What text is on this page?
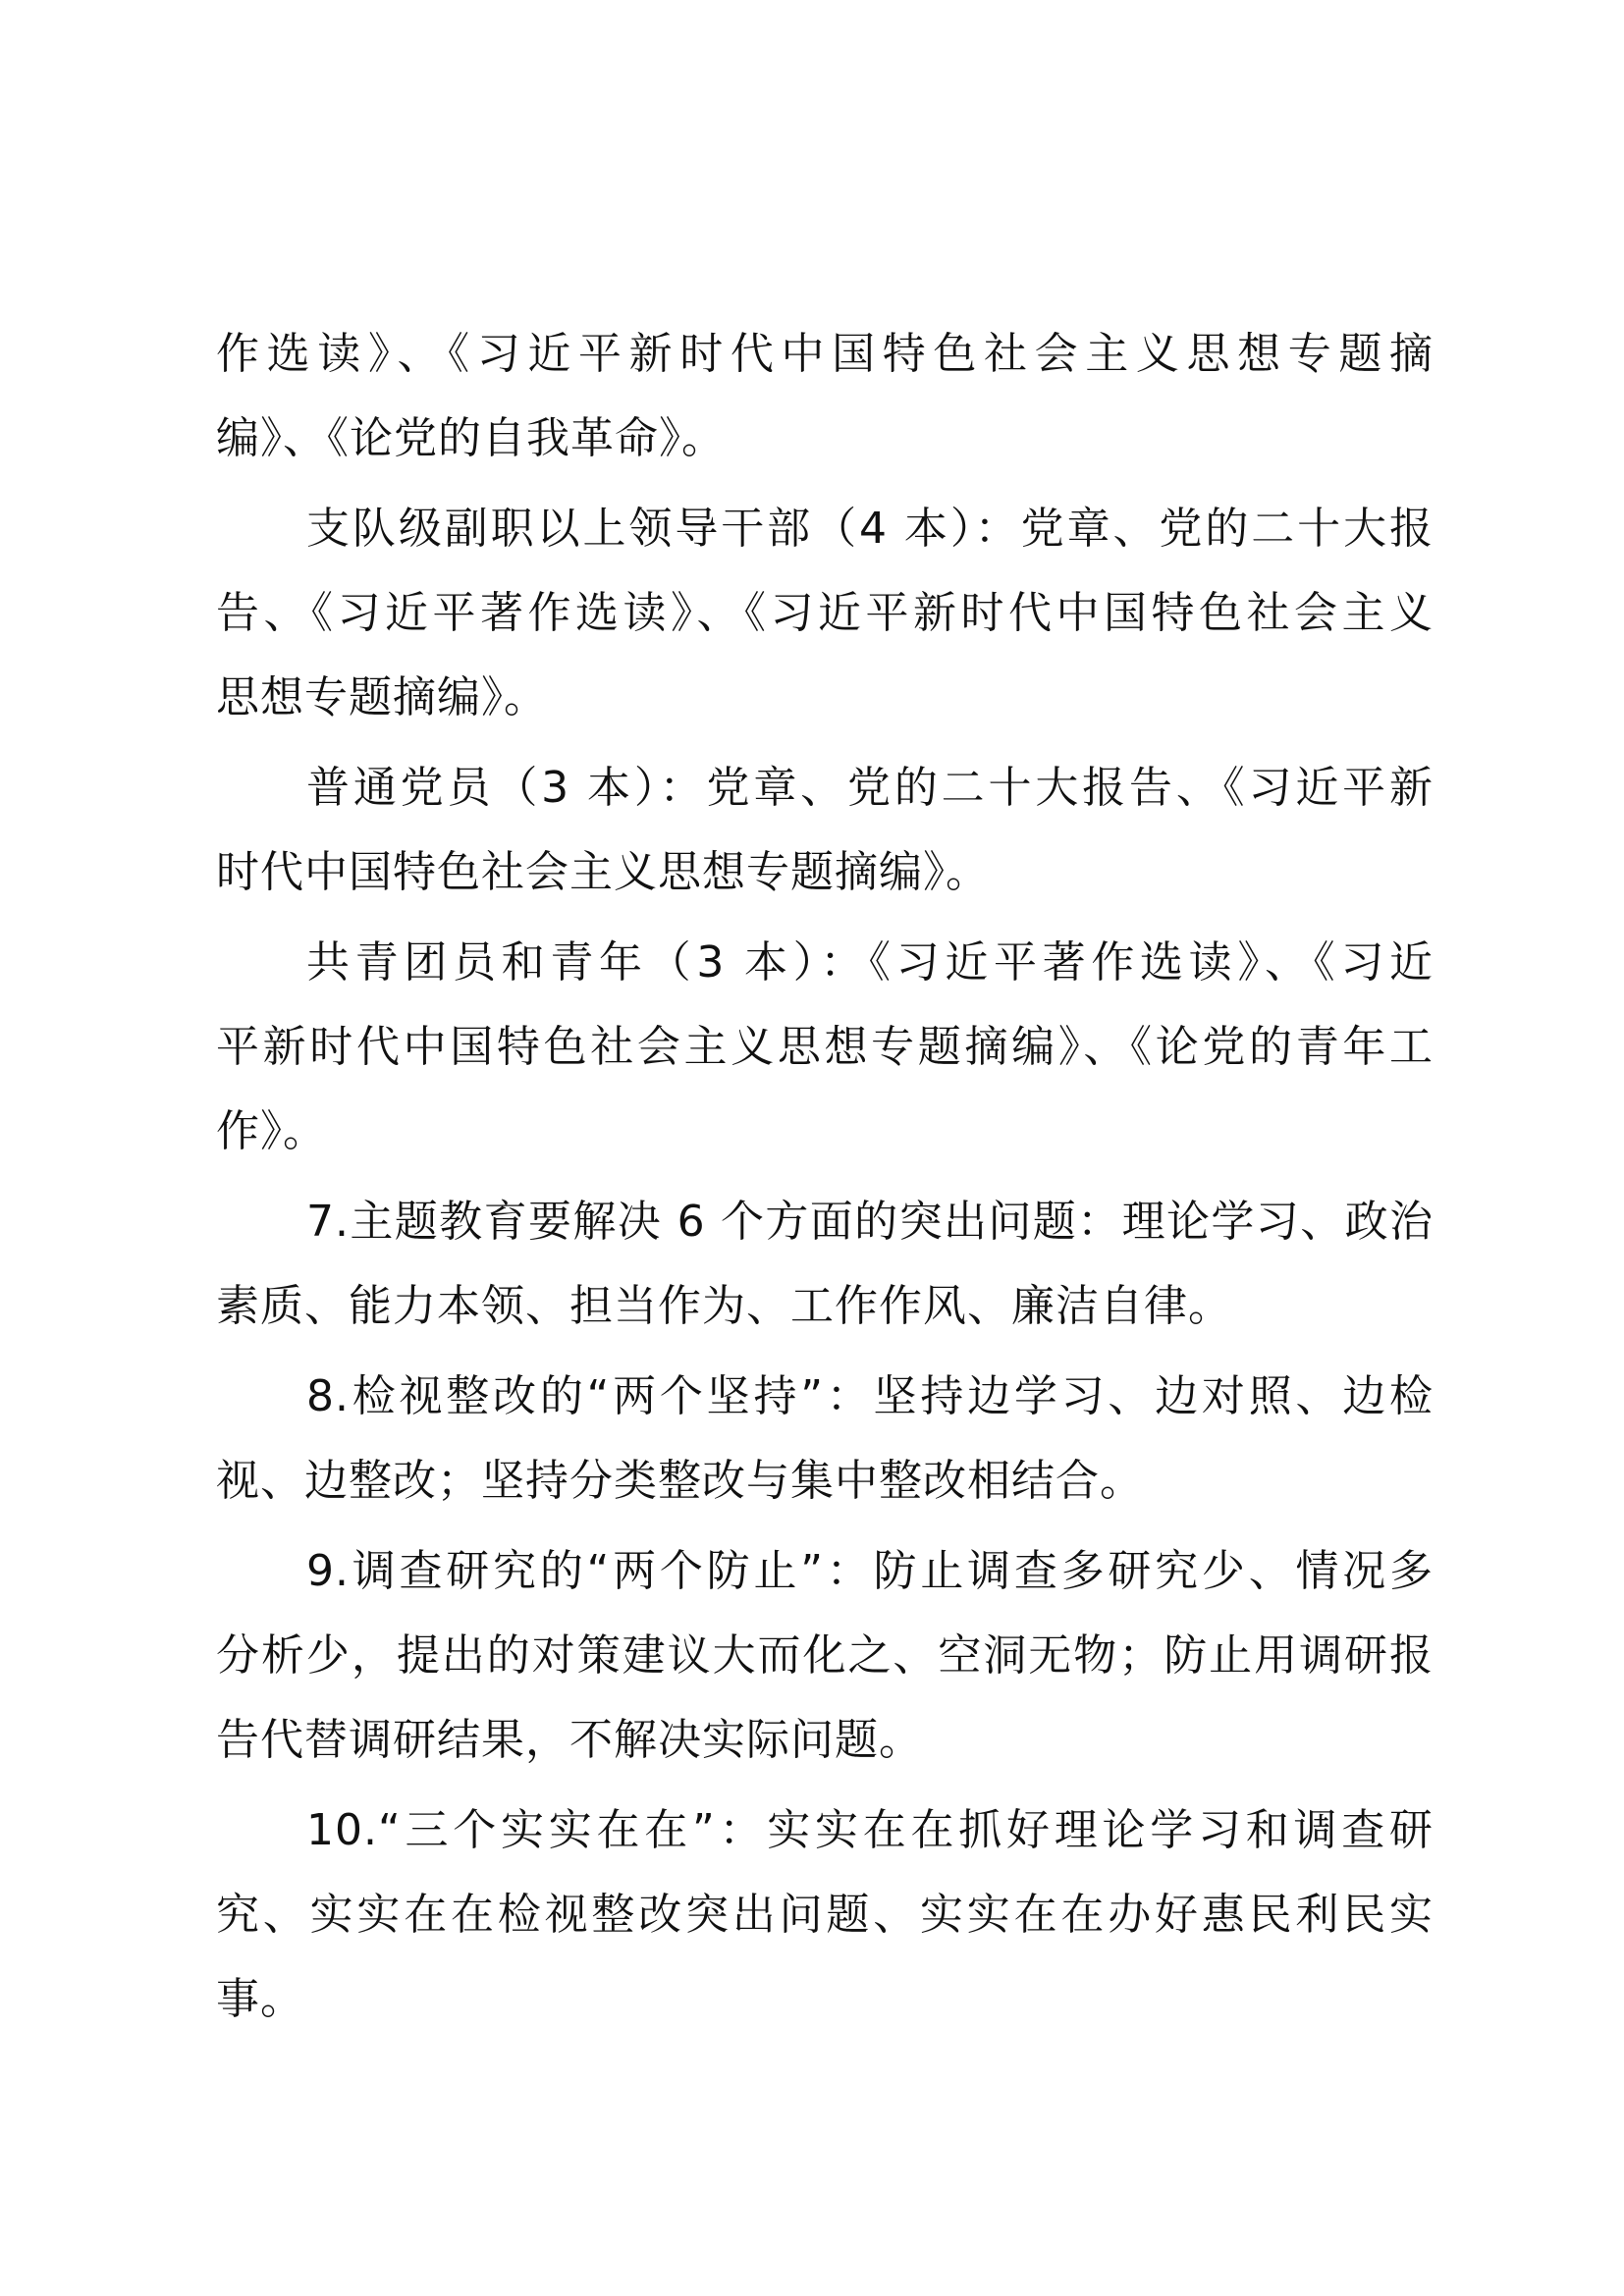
作选读》、《习近平新时代中国特色社会主义思想专题摘
编》、《论党的自我革命》。

支队级副职以上领导干部（4 本）：党章、党的二十大报
告、《习近平著作选读》、《习近平新时代中国特色社会主义
思想专题摘编》。

普通党员（3 本）：党章、党的二十大报告、《习近平新
时代中国特色社会主义思想专题摘编》。

共青团员和青年（3 本）：《习近平著作选读》、《习近
平新时代中国特色社会主义思想专题摘编》、《论党的青年工
作》。

7.主题教育要解决 6 个方面的突出问题：理论学习、政治
素质、能力本领、担当作为、工作作风、廉洁自律。

8.检视整改的“两个坚持”：坚持边学习、边对照、边检
视、边整改；坚持分类整改与集中整改相结合。

9.调查研究的“两个防止”：防止调查多研究少、情况多
分析少，提出的对策建议大而化之、空洞无物；防止用调研报
告代替调研结果，不解决实际问题。

10.“三个实实在在”：实实在在抓好理论学习和调查研
究、实实在在检视整改突出问题、实实在在办好惠民利民实
事。
